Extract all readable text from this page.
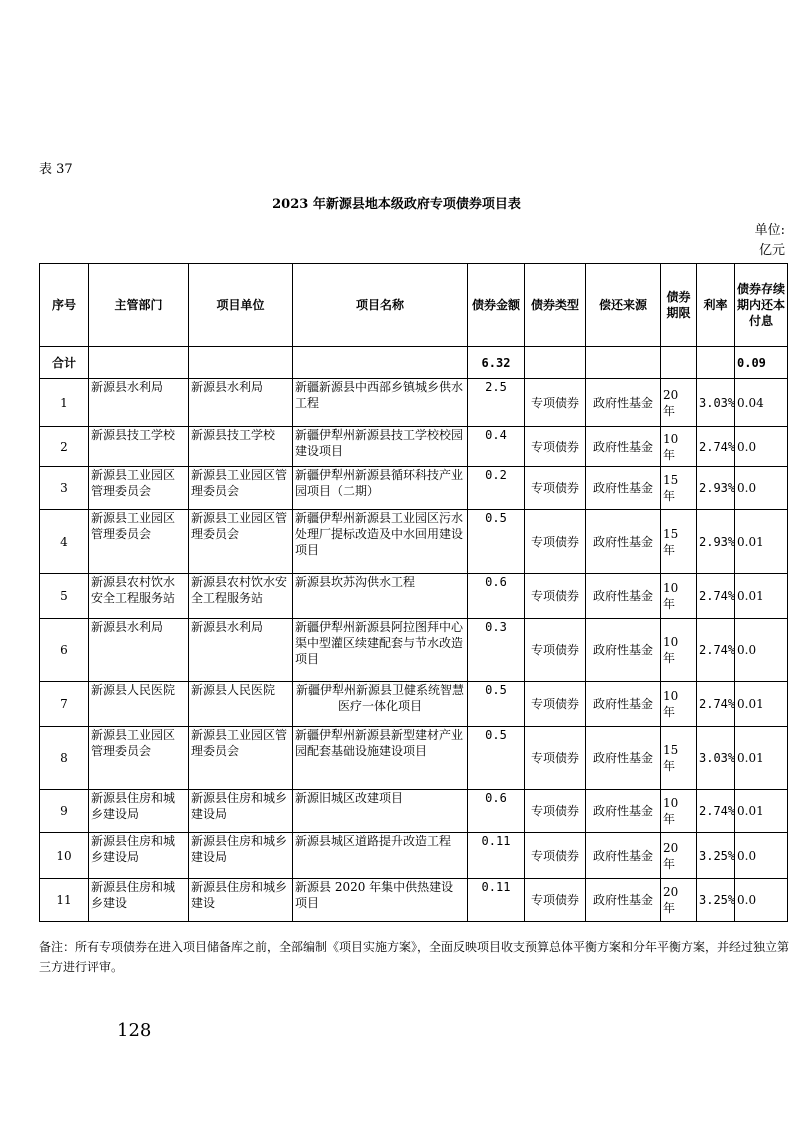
表 37
2023 年新源县地本级政府专项债券项目表
单位:
亿元
序号	主管部门	项目单位	项目名称	债券金额	债券类型	偿还来源	债券期限	利率	债券存续期内还本付息
合计				6.32					0.09
1	新源县水利局	新源县水利局	新疆新源县中西部乡镇城乡供水工程	2.5	专项债券	政府性基金	20 年	3.03%	0.04
2	新源县技工学校	新源县技工学校	新疆伊犁州新源县技工学校校园建设项目	0.4	专项债券	政府性基金	10 年	2.74%	0.0
3	新源县工业园区管理委员会	新源县工业园区管理委员会	新疆伊犁州新源县循环科技产业园项目（二期）	0.2	专项债券	政府性基金	15 年	2.93%	0.0
4	新源县工业园区管理委员会	新源县工业园区管理委员会	新疆伊犁州新源县工业园区污水处理厂提标改造及中水回用建设项目	0.5	专项债券	政府性基金	15 年	2.93%	0.01
5	新源县农村饮水安全工程服务站	新源县农村饮水安全工程服务站	新源县坎苏沟供水工程	0.6	专项债券	政府性基金	10 年	2.74%	0.01
6	新源县水利局	新源县水利局	新疆伊犁州新源县阿拉图拜中心渠中型灌区续建配套与节水改造项目	0.3	专项债券	政府性基金	10 年	2.74%	0.0
7	新源县人民医院	新源县人民医院	新疆伊犁州新源县卫健系统智慧医疗一体化项目	0.5	专项债券	政府性基金	10 年	2.74%	0.01
8	新源县工业园区管理委员会	新源县工业园区管理委员会	新疆伊犁州新源县新型建材产业园配套基础设施建设项目	0.5	专项债券	政府性基金	15 年	3.03%	0.01
9	新源县住房和城乡建设局	新源县住房和城乡建设局	新源旧城区改建项目	0.6	专项债券	政府性基金	10 年	2.74%	0.01
10	新源县住房和城乡建设局	新源县住房和城乡建设局	新源县城区道路提升改造工程	0.11	专项债券	政府性基金	20 年	3.25%	0.0
11	新源县住房和城乡建设	新源县住房和城乡建设	新源县 2020 年集中供热建设项目	0.11	专项债券	政府性基金	20 年	3.25%	0.0
备注：所有专项债券在进入项目储备库之前，全部编制《项目实施方案》，全面反映项目收支预算总体平衡方案和分年平衡方案，并经过独立第三方进行评审。
128
